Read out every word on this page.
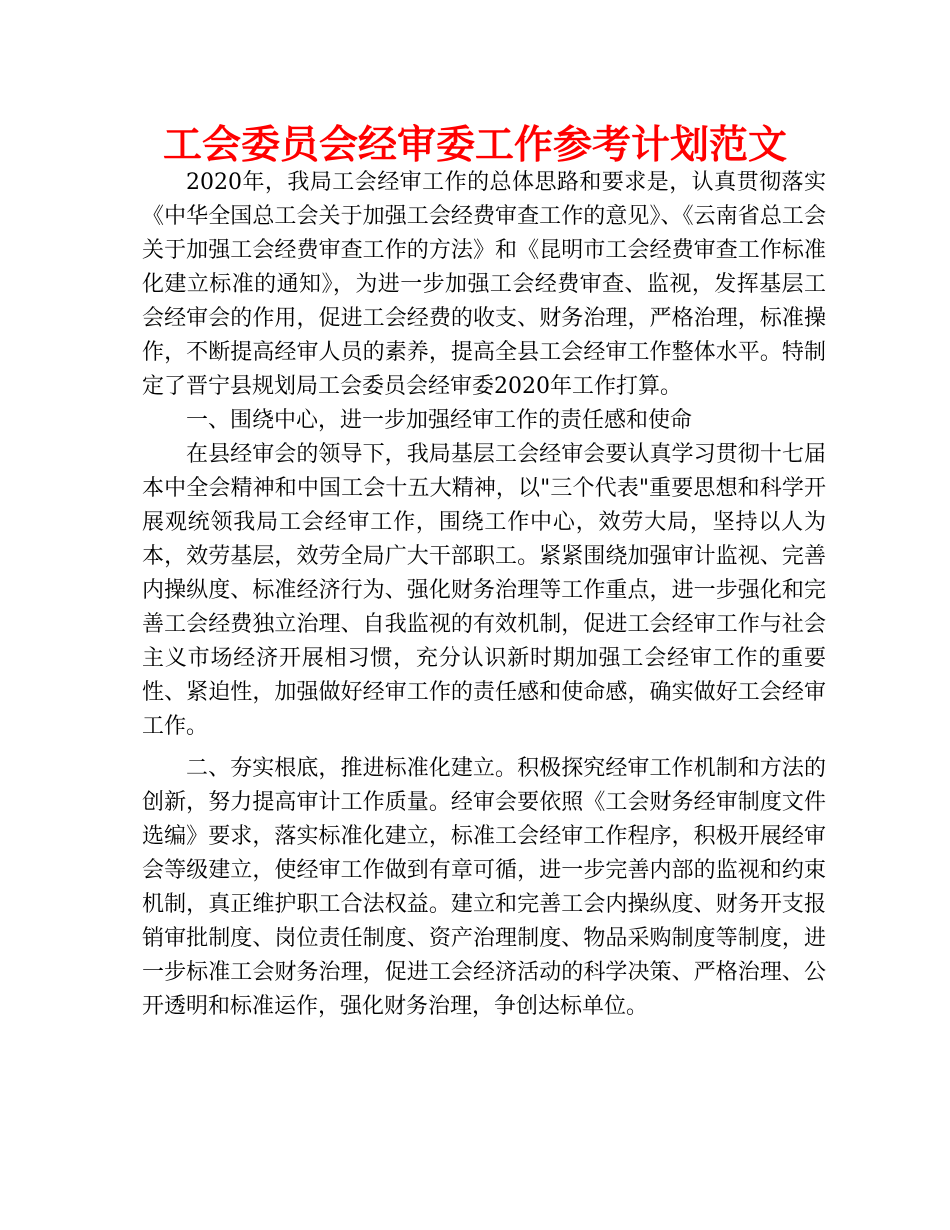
工会委员会经审委工作参考计划范文

2020年，我局工会经审工作的总体思路和要求是，认真贯彻落实《中华全国总工会关于加强工会经费审查工作的意见》、《云南省总工会关于加强工会经费审查工作的方法》和《昆明市工会经费审查工作标准化建立标准的通知》，为进一步加强工会经费审查、监视，发挥基层工会经审会的作用，促进工会经费的收支、财务治理，严格治理，标准操作，不断提高经审人员的素养，提高全县工会经审工作整体水平。特制定了晋宁县规划局工会委员会经审委2020年工作打算。

一、围绕中心，进一步加强经审工作的责任感和使命

在县经审会的领导下，我局基层工会经审会要认真学习贯彻十七届本中全会精神和中国工会十五大精神，以"三个代表"重要思想和科学开展观统领我局工会经审工作，围绕工作中心，效劳大局，坚持以人为本，效劳基层，效劳全局广大干部职工。紧紧围绕加强审计监视、完善内操纵度、标准经济行为、强化财务治理等工作重点，进一步强化和完善工会经费独立治理、自我监视的有效机制，促进工会经审工作与社会主义市场经济开展相习惯，充分认识新时期加强工会经审工作的重要性、紧迫性，加强做好经审工作的责任感和使命感，确实做好工会经审工作。

二、夯实根底，推进标准化建立。积极探究经审工作机制和方法的创新，努力提高审计工作质量。经审会要依照《工会财务经审制度文件选编》要求，落实标准化建立，标准工会经审工作程序，积极开展经审会等级建立，使经审工作做到有章可循，进一步完善内部的监视和约束机制，真正维护职工合法权益。建立和完善工会内操纵度、财务开支报销审批制度、岗位责任制度、资产治理制度、物品采购制度等制度，进一步标准工会财务治理，促进工会经济活动的科学决策、严格治理、公开透明和标准运作，强化财务治理，争创达标单位。
